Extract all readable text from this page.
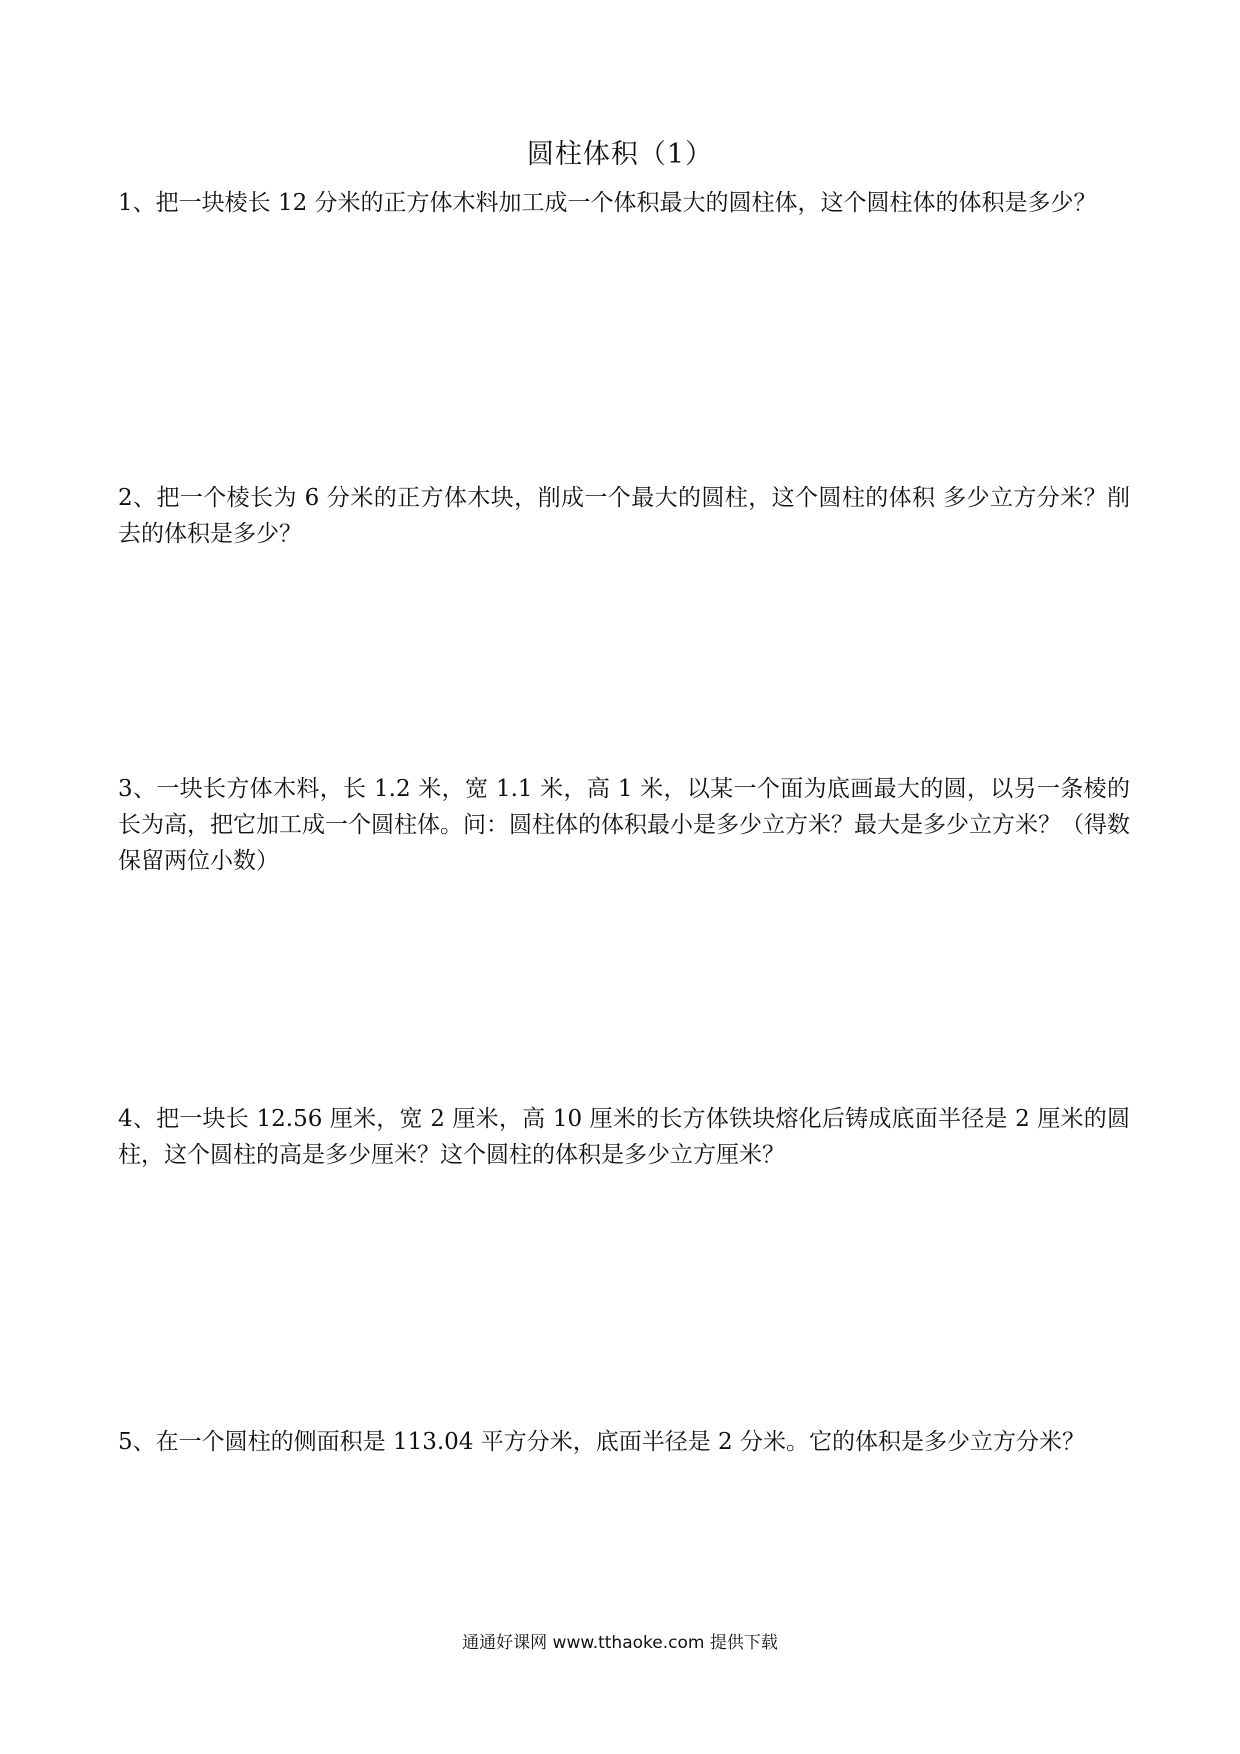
圆柱体积（1）
1、把一块棱长 12 分米的正方体木料加工成一个体积最大的圆柱体，这个圆柱体的体积是多少？
2、把一个棱长为 6 分米的正方体木块，削成一个最大的圆柱，这个圆柱的体积 多少立方分米？削去的体积是多少？
3、一块长方体木料，长 1.2 米，宽 1.1 米，高 1 米，以某一个面为底画最大的圆，以另一条棱的长为高，把它加工成一个圆柱体。问：圆柱体的体积最小是多少立方米？最大是多少立方米？（得数保留两位小数）
4、把一块长 12.56 厘米，宽 2 厘米，高 10 厘米的长方体铁块熔化后铸成底面半径是 2 厘米的圆柱，这个圆柱的高是多少厘米？这个圆柱的体积是多少立方厘米？
5、在一个圆柱的侧面积是 113.04 平方分米，底面半径是 2 分米。它的体积是多少立方分米？
通通好课网 www.tthaoke.com 提供下载
